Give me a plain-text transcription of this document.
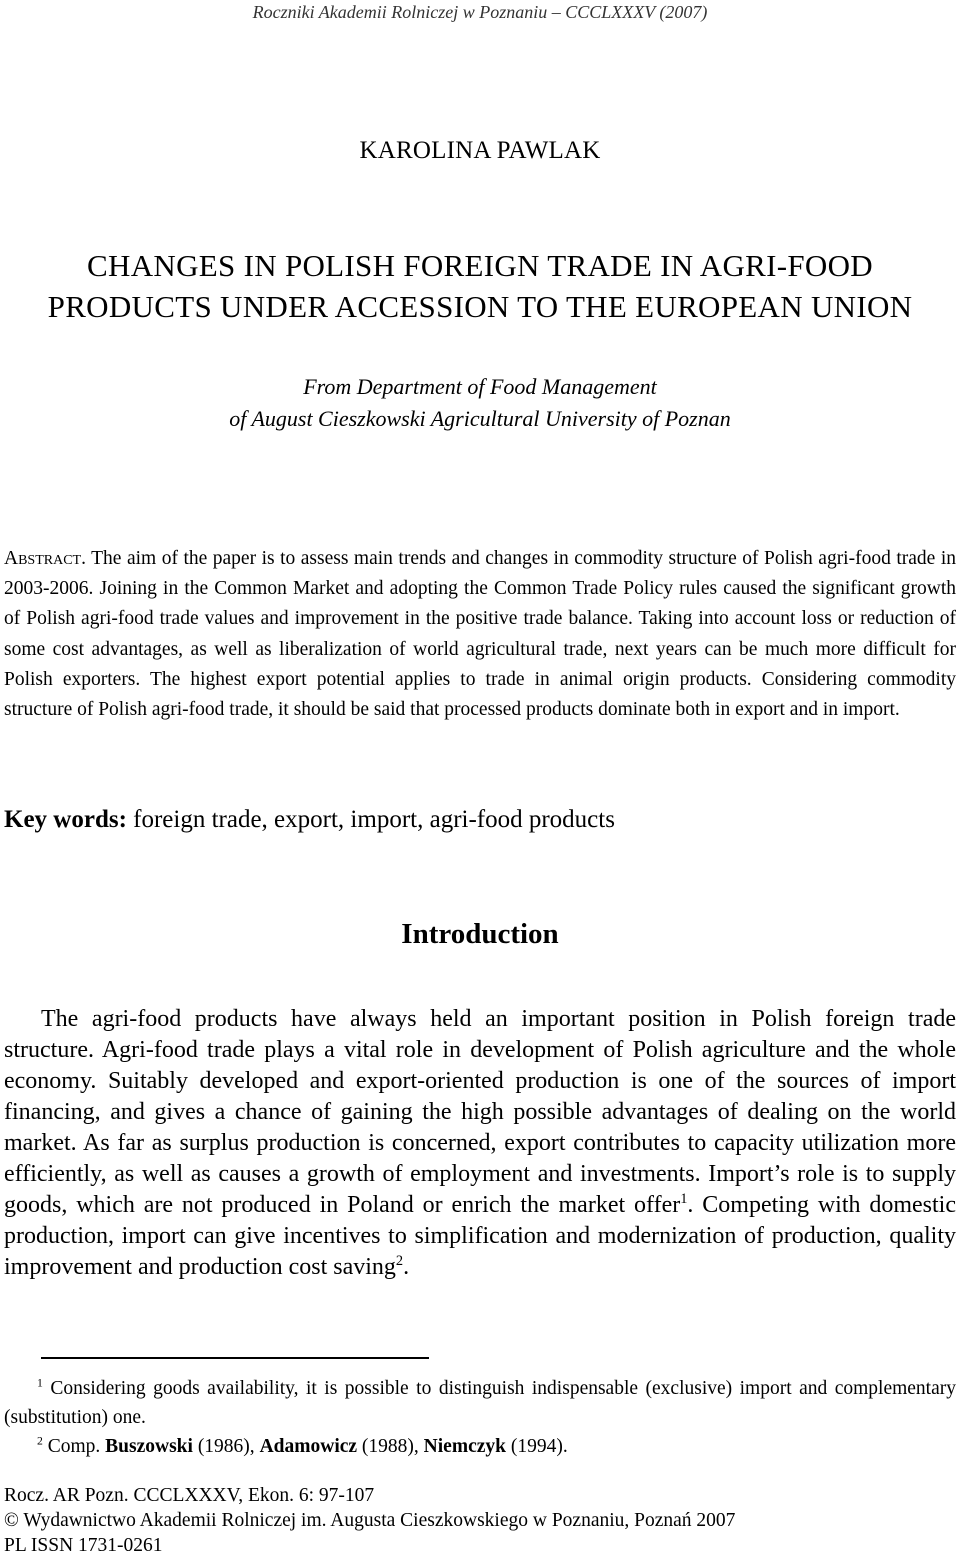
Roczniki Akademii Rolniczej w Poznaniu – CCCLXXXV (2007)
KAROLINA PAWLAK
CHANGES IN POLISH FOREIGN TRADE IN AGRI-FOOD
PRODUCTS UNDER ACCESSION TO THE EUROPEAN UNION
From Department of Food Management
of August Cieszkowski Agricultural University of Poznan
Abstract. The aim of the paper is to assess main trends and changes in commodity structure of Polish agri-food trade in 2003-2006. Joining in the Common Market and adopting the Common Trade Policy rules caused the significant growth of Polish agri-food trade values and improvement in the positive trade balance. Taking into account loss or reduction of some cost advantages, as well as liberalization of world agricultural trade, next years can be much more difficult for Polish exporters. The highest export potential applies to trade in animal origin products. Considering commodity structure of Polish agri-food trade, it should be said that processed products dominate both in export and in import.
Key words: foreign trade, export, import, agri-food products
Introduction

The agri-food products have always held an important position in Polish foreign trade structure. Agri-food trade plays a vital role in development of Polish agriculture and the whole economy. Suitably developed and export-oriented production is one of the sources of import financing, and gives a chance of gaining the high possible advantages of dealing on the world market. As far as surplus production is concerned, export contributes to capacity utilization more efficiently, as well as causes a growth of employment and investments. Import’s role is to supply goods, which are not produced in Poland or enrich the market offer$^1$. Competing with domestic production, import can give incentives to simplification and modernization of production, quality improvement and production cost saving$^2$.

$^1$ Considering goods availability, it is possible to distinguish indispensable (exclusive) import and complementary (substitution) one.

$^2$ Comp. Buszowski (1986), Adamowicz (1988), Niemczyk (1994).

Rocz. AR Pozn. CCCLXXXV, Ekon. 6: 97-107
© Wydawnictwo Akademii Rolniczej im. Augusta Cieszkowskiego w Poznaniu, Poznań 2007
PL ISSN 1731-0261
